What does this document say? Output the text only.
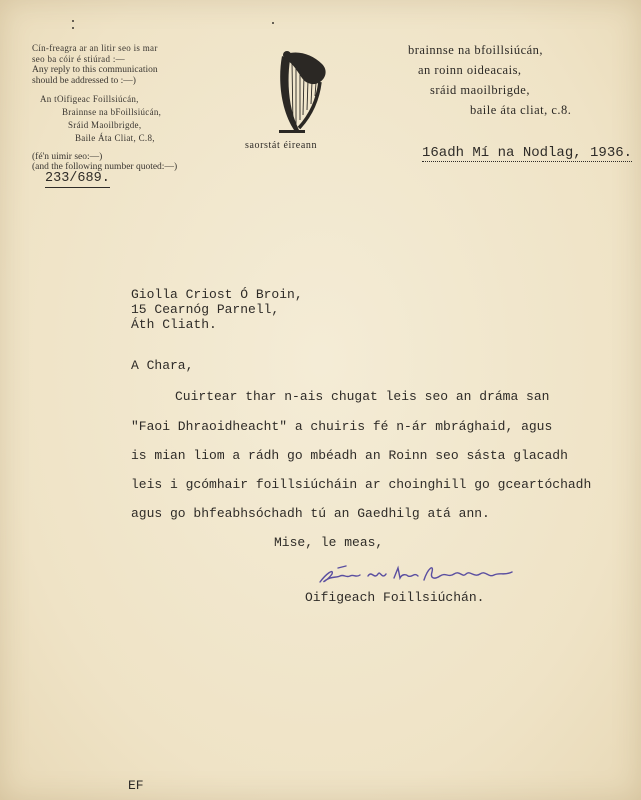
Cín-freagra ar an litir seo is mar
seo ba cóir é stiúrad :—
Any reply to this communication
should be addressed to :—)
An tOifigeac Foillsiúcán,
Brainnse na bFoillsiúcán,
Sráid Maoilbrigde,
Baile Áta Cliat, C.8,
(fé'n uimir seo:—)
(and the following number quoted:—)
233/689.
saorstát éireann
brainnse na bfoillsiúcán,
an roinn oideacais,
sráid maoilbrigde,
baile áta cliat, c.8.
16adh Mí na Nodlag, 1936.
Giolla Criost Ó Broin,
15 Cearnóg Parnell,
Áth Cliath.
A Chara,
Cuirtear thar n-ais chugat leis seo an dráma san
"Faoi Dhraoidheacht" a chuiris fé n-ár mbrághaid, agus
is mian liom a rádh go mbéadh an Roinn seo sásta glacadh
leis i gcómhair foillsiúcháin ar choinghill go gceartóchadh
agus go bhfeabhsóchadh tú an Gaedhilg atá ann.
Mise, le meas,
Oifigeach Foillsiúchán.
EF
